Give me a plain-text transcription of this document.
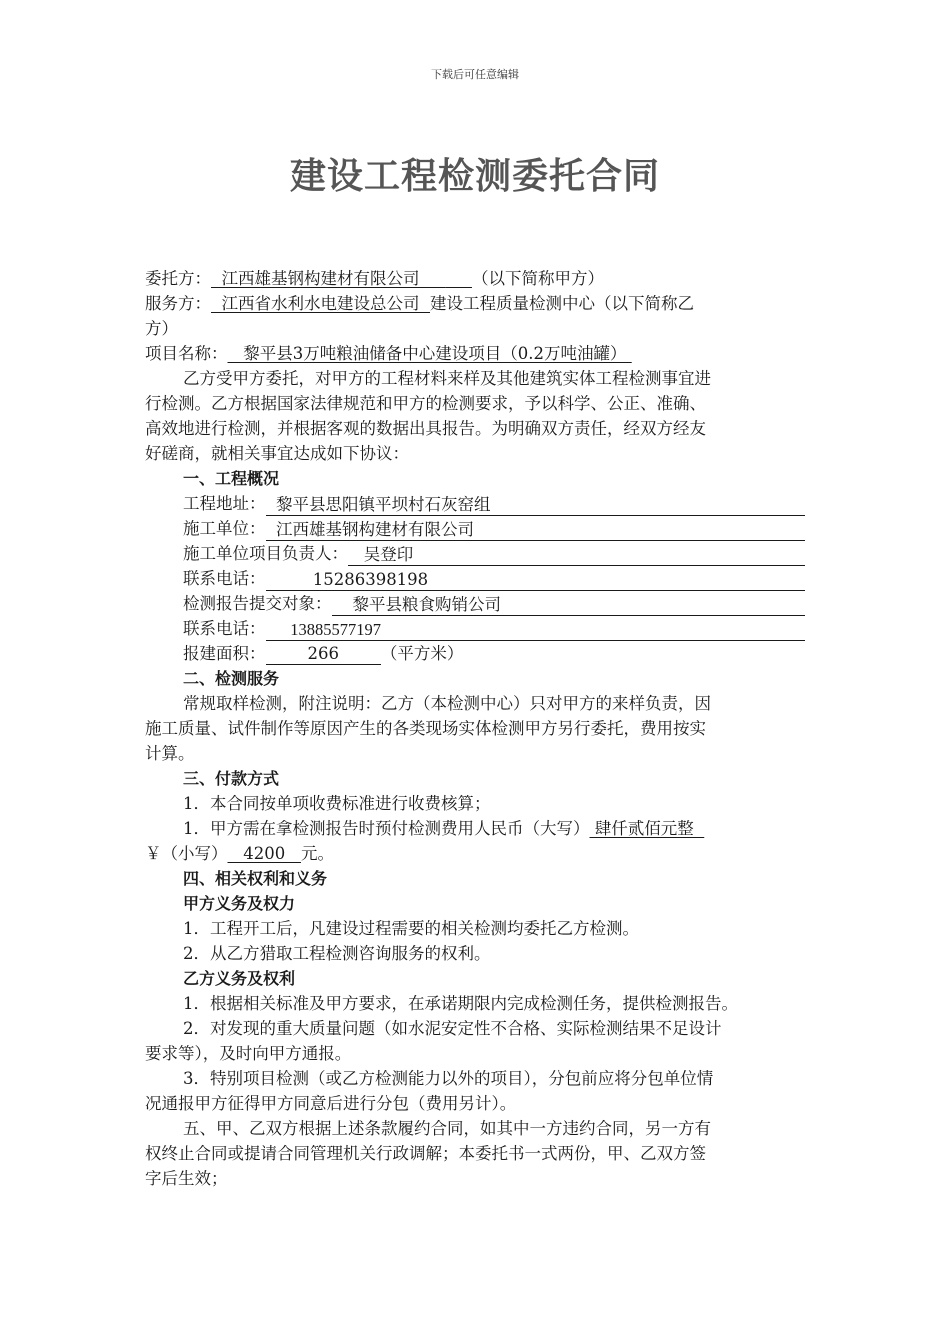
下载后可任意编辑
建设工程检测委托合同
委托方：  江西雄基钢构建材有限公司          （以下简称甲方）
服务方：  江西省水利水电建设总公司  建设工程质量检测中心（以下简称乙
方）
项目名称：   黎平县3万吨粮油储备中心建设项目（0.2万吨油罐）
乙方受甲方委托，对甲方的工程材料来样及其他建筑实体工程检测事宜进
行检测。乙方根据国家法律规范和甲方的检测要求，予以科学、公正、准确、
高效地进行检测，并根据客观的数据出具报告。为明确双方责任，经双方经友
好磋商，就相关事宜达成如下协议：
一、工程概况
工程地址： 黎平县思阳镇平坝村石灰窑组
施工单位： 江西雄基钢构建材有限公司
施工单位项目负责人： 吴登印
联系电话： 15286398198
检测报告提交对象： 黎平县粮食购销公司
联系电话： 13885577197
报建面积：        266        （平方米）
二、检测服务
常规取样检测，附注说明：乙方（本检测中心）只对甲方的来样负责，因
施工质量、试件制作等原因产生的各类现场实体检测甲方另行委托，费用按实
计算。
三、付款方式
1．本合同按单项收费标准进行收费核算；
1．甲方需在拿检测报告时预付检测费用人民币（大写） 肆仟贰佰元整
￥（小写）   4200   元。
四、相关权利和义务
甲方义务及权力
1．工程开工后，凡建设过程需要的相关检测均委托乙方检测。
2．从乙方猎取工程检测咨询服务的权利。
乙方义务及权利
1．根据相关标准及甲方要求，在承诺期限内完成检测任务，提供检测报告。
2．对发现的重大质量问题（如水泥安定性不合格、实际检测结果不足设计
要求等），及时向甲方通报。
3．特别项目检测（或乙方检测能力以外的项目），分包前应将分包单位情
况通报甲方征得甲方同意后进行分包（费用另计）。
五、甲、乙双方根据上述条款履约合同，如其中一方违约合同，另一方有
权终止合同或提请合同管理机关行政调解；本委托书一式两份，甲、乙双方签
字后生效；
